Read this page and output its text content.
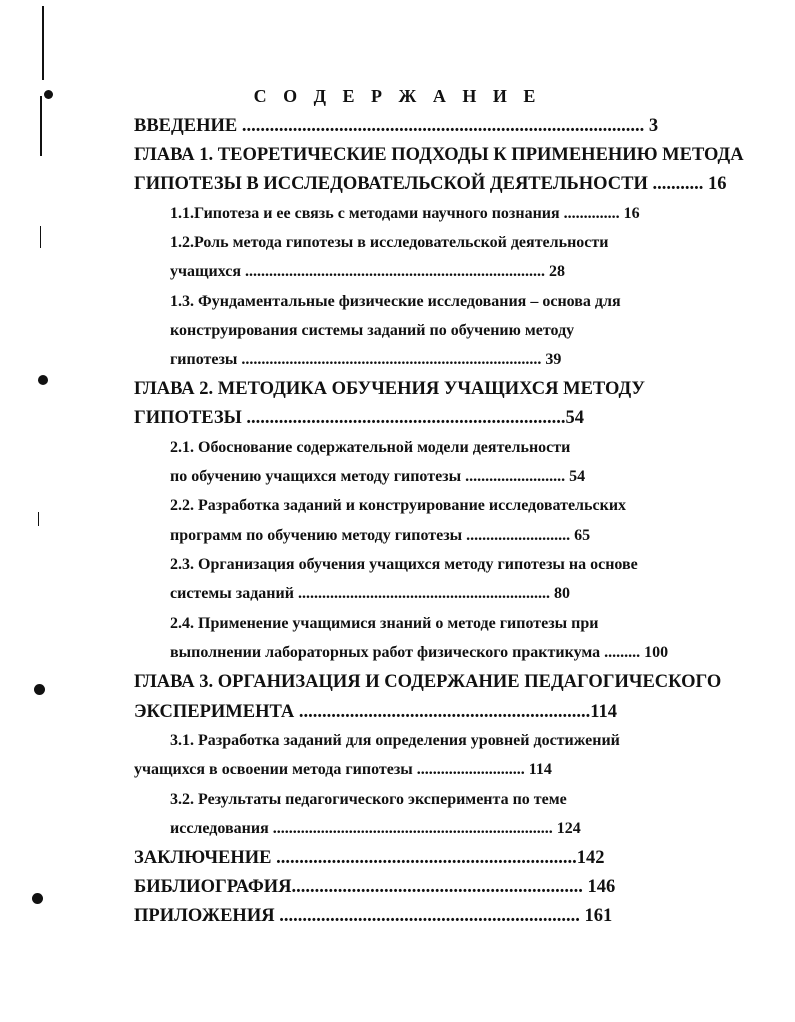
С О Д Е Р Ж А Н И Е

ВВЕДЕНИЕ ....................................................................................... 3

ГЛАВА 1. ТЕОРЕТИЧЕСКИЕ ПОДХОДЫ К ПРИМЕНЕНИЮ МЕТОДА

ГИПОТЕЗЫ В ИССЛЕДОВАТЕЛЬСКОЙ ДЕЯТЕЛЬНОСТИ ........... 16

1.1.Гипотеза и ее связь с методами научного познания .............. 16

1.2.Роль метода гипотезы в исследовательской деятельности

учащихся ........................................................................... 28

1.3. Фундаментальные физические исследования – основа для

конструирования системы заданий по обучению методу

гипотезы ........................................................................... 39

ГЛАВА 2. МЕТОДИКА ОБУЧЕНИЯ УЧАЩИХСЯ МЕТОДУ

ГИПОТЕЗЫ .....................................................................54

2.1. Обоснование содержательной модели деятельности

по обучению учащихся методу гипотезы ......................... 54

2.2. Разработка заданий и конструирование исследовательских

программ по обучению методу гипотезы .......................... 65

2.3. Организация обучения учащихся методу гипотезы на основе

системы заданий ............................................................... 80

2.4. Применение учащимися знаний о методе гипотезы при

выполнении лабораторных работ физического практикума ......... 100

ГЛАВА 3. ОРГАНИЗАЦИЯ И СОДЕРЖАНИЕ ПЕДАГОГИЧЕСКОГО

ЭКСПЕРИМЕНТА ...............................................................114

3.1. Разработка заданий для определения уровней достижений

учащихся в освоении метода гипотезы ........................... 114

3.2. Результаты педагогического эксперимента по теме

исследования ...................................................................... 124

ЗАКЛЮЧЕНИЕ .................................................................142

БИБЛИОГРАФИЯ............................................................... 146

ПРИЛОЖЕНИЯ ................................................................. 161
